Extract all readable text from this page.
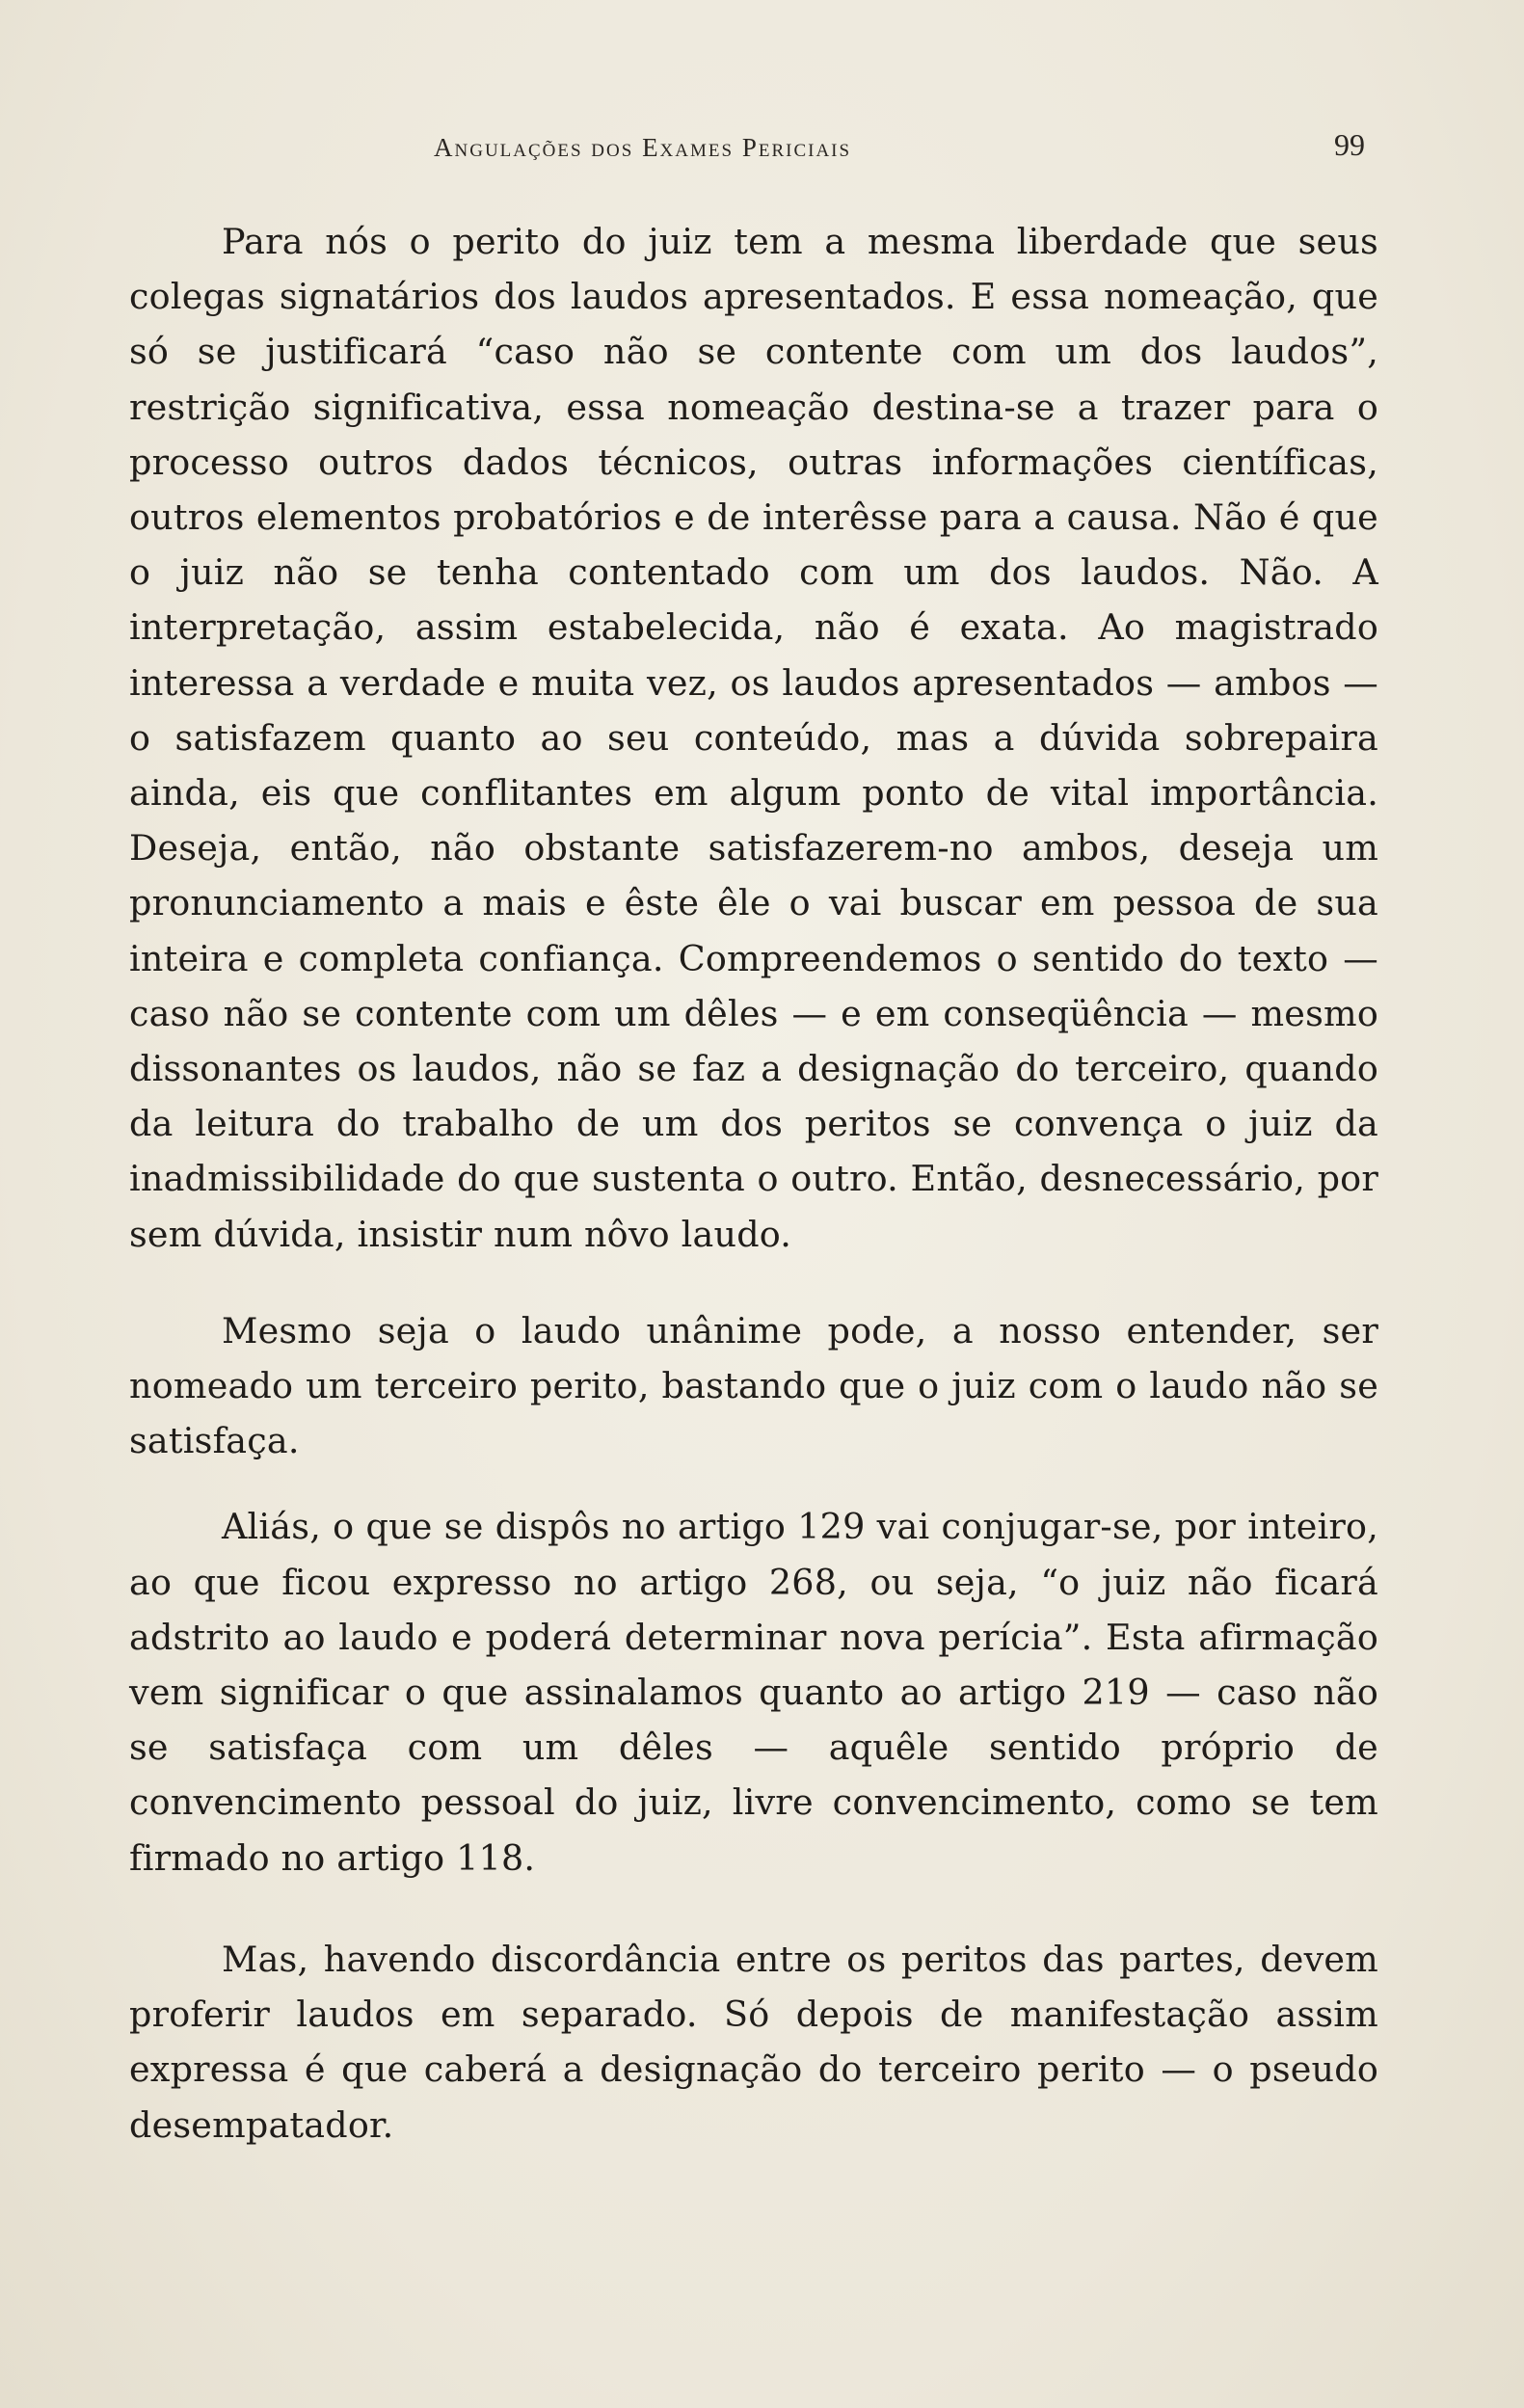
Angulações dos Exames Periciais	99

Para nós o perito do juiz tem a mesma liberdade que seus colegas signatários dos laudos apresentados. E essa nomeação, que só se justificará “caso não se contente com um dos laudos”, restrição significativa, essa nomeação destina-se a trazer para o processo outros dados técnicos, outras informações científicas, outros elementos probatórios e de interêsse para a causa. Não é que o juiz não se tenha contentado com um dos laudos. Não. A interpretação, assim estabelecida, não é exata. Ao magistrado interessa a verdade e muita vez, os laudos apresentados — ambos — o satisfazem quanto ao seu conteúdo, mas a dúvida sobrepaira ainda, eis que conflitantes em algum ponto de vital importância. Deseja, então, não obstante satisfazerem-no ambos, deseja um pronunciamento a mais e êste êle o vai buscar em pessoa de sua inteira e completa confiança. Compreendemos o sentido do texto — caso não se contente com um dêles — e em conseqüência — mesmo dissonantes os laudos, não se faz a designação do terceiro, quando da leitura do trabalho de um dos peritos se convença o juiz da inadmissibilidade do que sustenta o outro. Então, desnecessário, por sem dúvida, insistir num nôvo laudo.

Mesmo seja o laudo unânime pode, a nosso entender, ser nomeado um terceiro perito, bastando que o juiz com o laudo não se satisfaça.

Aliás, o que se dispôs no artigo 129 vai conjugar-se, por inteiro, ao que ficou expresso no artigo 268, ou seja, “o juiz não ficará adstrito ao laudo e poderá determinar nova perícia”. Esta afirmação vem significar o que assinalamos quanto ao artigo 219 — caso não se satisfaça com um dêles — aquêle sentido próprio de convencimento pessoal do juiz, livre convencimento, como se tem firmado no artigo 118.

Mas, havendo discordância entre os peritos das partes, devem proferir laudos em separado. Só depois de manifestação assim expressa é que caberá a designação do terceiro perito — o pseudo desempatador.
